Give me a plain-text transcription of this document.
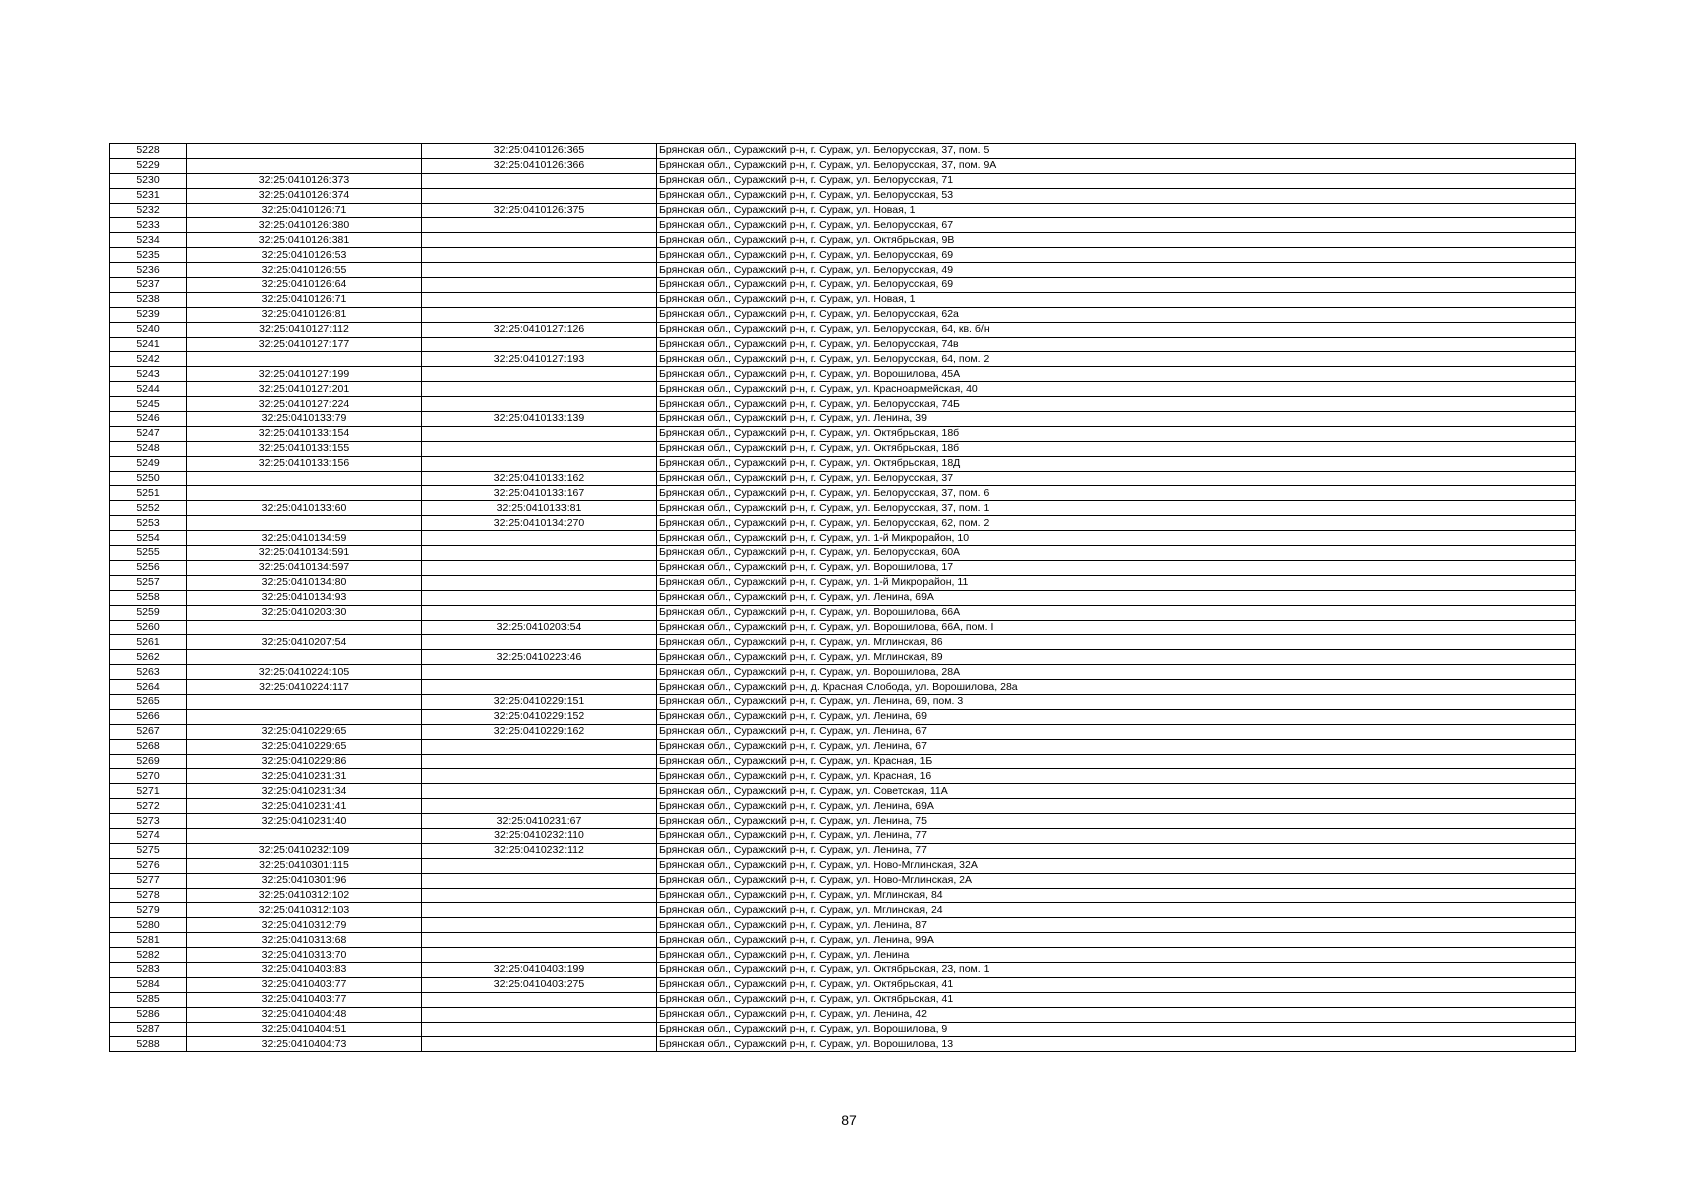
5228		32:25:0410126:365	Брянская обл., Суражский р-н, г. Сураж, ул. Белорусская, 37, пом. 5
5229		32:25:0410126:366	Брянская обл., Суражский р-н, г. Сураж, ул. Белорусская, 37, пом. 9А
5230	32:25:0410126:373		Брянская обл., Суражский р-н, г. Сураж, ул. Белорусская, 71
5231	32:25:0410126:374		Брянская обл., Суражский р-н, г. Сураж, ул. Белорусская, 53
5232	32:25:0410126:71	32:25:0410126:375	Брянская обл., Суражский р-н, г. Сураж, ул. Новая, 1
5233	32:25:0410126:380		Брянская обл., Суражский р-н, г. Сураж, ул. Белорусская, 67
5234	32:25:0410126:381		Брянская обл., Суражский р-н, г. Сураж, ул. Октябрьская, 9В
5235	32:25:0410126:53		Брянская обл., Суражский р-н, г. Сураж, ул. Белорусская, 69
5236	32:25:0410126:55		Брянская обл., Суражский р-н, г. Сураж, ул. Белорусская, 49
5237	32:25:0410126:64		Брянская обл., Суражский р-н, г. Сураж, ул. Белорусская, 69
5238	32:25:0410126:71		Брянская обл., Суражский р-н, г. Сураж, ул. Новая, 1
5239	32:25:0410126:81		Брянская обл., Суражский р-н, г. Сураж, ул. Белорусская, 62а
5240	32:25:0410127:112	32:25:0410127:126	Брянская обл., Суражский р-н, г. Сураж, ул. Белорусская, 64, кв. б/н
5241	32:25:0410127:177		Брянская обл., Суражский р-н, г. Сураж, ул. Белорусская, 74в
5242		32:25:0410127:193	Брянская обл., Суражский р-н, г. Сураж, ул. Белорусская, 64, пом. 2
5243	32:25:0410127:199		Брянская обл., Суражский р-н, г. Сураж, ул. Ворошилова, 45А
5244	32:25:0410127:201		Брянская обл., Суражский р-н, г. Сураж, ул. Красноармейская, 40
5245	32:25:0410127:224		Брянская обл., Суражский р-н, г. Сураж, ул. Белорусская, 74Б
5246	32:25:0410133:79	32:25:0410133:139	Брянская обл., Суражский р-н, г. Сураж, ул. Ленина, 39
5247	32:25:0410133:154		Брянская обл., Суражский р-н, г. Сураж, ул. Октябрьская, 18б
5248	32:25:0410133:155		Брянская обл., Суражский р-н, г. Сураж, ул. Октябрьская, 18б
5249	32:25:0410133:156		Брянская обл., Суражский р-н, г. Сураж, ул. Октябрьская, 18Д
5250		32:25:0410133:162	Брянская обл., Суражский р-н, г. Сураж, ул. Белорусская, 37
5251		32:25:0410133:167	Брянская обл., Суражский р-н, г. Сураж, ул. Белорусская, 37, пом. 6
5252	32:25:0410133:60	32:25:0410133:81	Брянская обл., Суражский р-н, г. Сураж, ул. Белорусская, 37, пом. 1
5253		32:25:0410134:270	Брянская обл., Суражский р-н, г. Сураж, ул. Белорусская, 62, пом. 2
5254	32:25:0410134:59		Брянская обл., Суражский р-н, г. Сураж, ул. 1-й Микрорайон, 10
5255	32:25:0410134:591		Брянская обл., Суражский р-н, г. Сураж, ул. Белорусская, 60А
5256	32:25:0410134:597		Брянская обл., Суражский р-н, г. Сураж, ул. Ворошилова, 17
5257	32:25:0410134:80		Брянская обл., Суражский р-н, г. Сураж, ул. 1-й Микрорайон, 11
5258	32:25:0410134:93		Брянская обл., Суражский р-н, г. Сураж, ул. Ленина, 69А
5259	32:25:0410203:30		Брянская обл., Суражский р-н, г. Сураж, ул. Ворошилова, 66А
5260		32:25:0410203:54	Брянская обл., Суражский р-н, г. Сураж, ул. Ворошилова, 66А, пом. I
5261	32:25:0410207:54		Брянская обл., Суражский р-н, г. Сураж, ул. Мглинская, 86
5262		32:25:0410223:46	Брянская обл., Суражский р-н, г. Сураж, ул. Мглинская, 89
5263	32:25:0410224:105		Брянская обл., Суражский р-н, г. Сураж, ул. Ворошилова, 28А
5264	32:25:0410224:117		Брянская обл., Суражский р-н, д. Красная Слобода, ул. Ворошилова, 28а
5265		32:25:0410229:151	Брянская обл., Суражский р-н, г. Сураж, ул. Ленина, 69, пом. 3
5266		32:25:0410229:152	Брянская обл., Суражский р-н, г. Сураж, ул. Ленина, 69
5267	32:25:0410229:65	32:25:0410229:162	Брянская обл., Суражский р-н, г. Сураж, ул. Ленина, 67
5268	32:25:0410229:65		Брянская обл., Суражский р-н, г. Сураж, ул. Ленина, 67
5269	32:25:0410229:86		Брянская обл., Суражский р-н, г. Сураж, ул. Красная, 1Б
5270	32:25:0410231:31		Брянская обл., Суражский р-н, г. Сураж, ул. Красная, 16
5271	32:25:0410231:34		Брянская обл., Суражский р-н, г. Сураж, ул. Советская, 11А
5272	32:25:0410231:41		Брянская обл., Суражский р-н, г. Сураж, ул. Ленина, 69А
5273	32:25:0410231:40	32:25:0410231:67	Брянская обл., Суражский р-н, г. Сураж, ул. Ленина, 75
5274		32:25:0410232:110	Брянская обл., Суражский р-н, г. Сураж, ул. Ленина, 77
5275	32:25:0410232:109	32:25:0410232:112	Брянская обл., Суражский р-н, г. Сураж, ул. Ленина, 77
5276	32:25:0410301:115		Брянская обл., Суражский р-н, г. Сураж, ул. Ново-Мглинская, 32А
5277	32:25:0410301:96		Брянская обл., Суражский р-н, г. Сураж, ул. Ново-Мглинская, 2А
5278	32:25:0410312:102		Брянская обл., Суражский р-н, г. Сураж, ул. Мглинская, 84
5279	32:25:0410312:103		Брянская обл., Суражский р-н, г. Сураж, ул. Мглинская, 24
5280	32:25:0410312:79		Брянская обл., Суражский р-н, г. Сураж, ул. Ленина, 87
5281	32:25:0410313:68		Брянская обл., Суражский р-н, г. Сураж, ул. Ленина, 99А
5282	32:25:0410313:70		Брянская обл., Суражский р-н, г. Сураж, ул. Ленина
5283	32:25:0410403:83	32:25:0410403:199	Брянская обл., Суражский р-н, г. Сураж, ул. Октябрьская, 23, пом. 1
5284	32:25:0410403:77	32:25:0410403:275	Брянская обл., Суражский р-н, г. Сураж, ул. Октябрьская, 41
5285	32:25:0410403:77		Брянская обл., Суражский р-н, г. Сураж, ул. Октябрьская, 41
5286	32:25:0410404:48		Брянская обл., Суражский р-н, г. Сураж, ул. Ленина, 42
5287	32:25:0410404:51		Брянская обл., Суражский р-н, г. Сураж, ул. Ворошилова, 9
5288	32:25:0410404:73		Брянская обл., Суражский р-н, г. Сураж, ул. Ворошилова, 13
87
